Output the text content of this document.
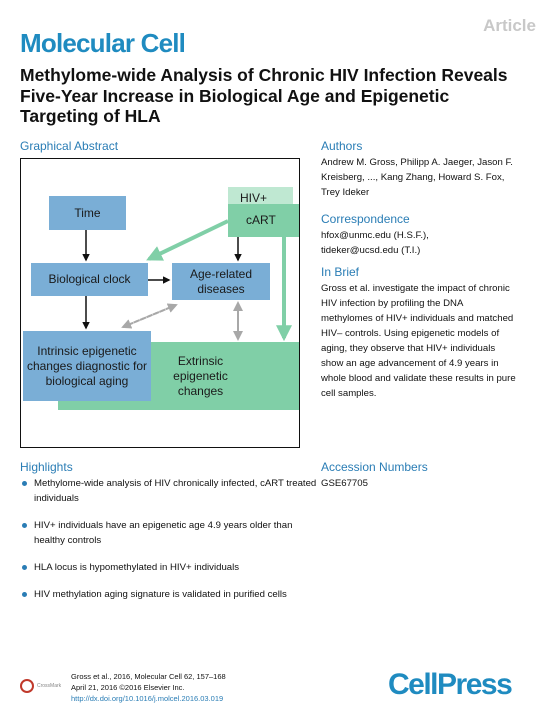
Article
Molecular Cell
Methylome-wide Analysis of Chronic HIV Infection Reveals Five-Year Increase in Biological Age and Epigenetic Targeting of HLA
Graphical Abstract
Extrinsic epigenetic changes
Intrinsic epigenetic changes diagnostic for biological aging
HIV+
cART
Time
Biological clock	Age-related diseases
Authors
Andrew M. Gross, Philipp A. Jaeger, Jason F. Kreisberg, ..., Kang Zhang, Howard S. Fox, Trey Ideker
Correspondence
hfox@unmc.edu (H.S.F.), tideker@ucsd.edu (T.I.)
In Brief
Gross et al. investigate the impact of chronic HIV infection by profiling the DNA methylomes of HIV+ individuals and matched HIV– controls. Using epigenetic models of aging, they observe that HIV+ individuals show an age advancement of 4.9 years in whole blood and validate these results in pure cell samples.
Highlights
Methylome-wide analysis of HIV chronically infected, cART treated individuals
HIV+ individuals have an epigenetic age 4.9 years older than healthy controls
HLA locus is hypomethylated in HIV+ individuals
HIV methylation aging signature is validated in purified cells
Accession Numbers
GSE67705
CrossMark
Gross et al., 2016, Molecular Cell 62, 157–168
April 21, 2016 ©2016 Elsevier Inc.
http://dx.doi.org/10.1016/j.molcel.2016.03.019	CellPress
